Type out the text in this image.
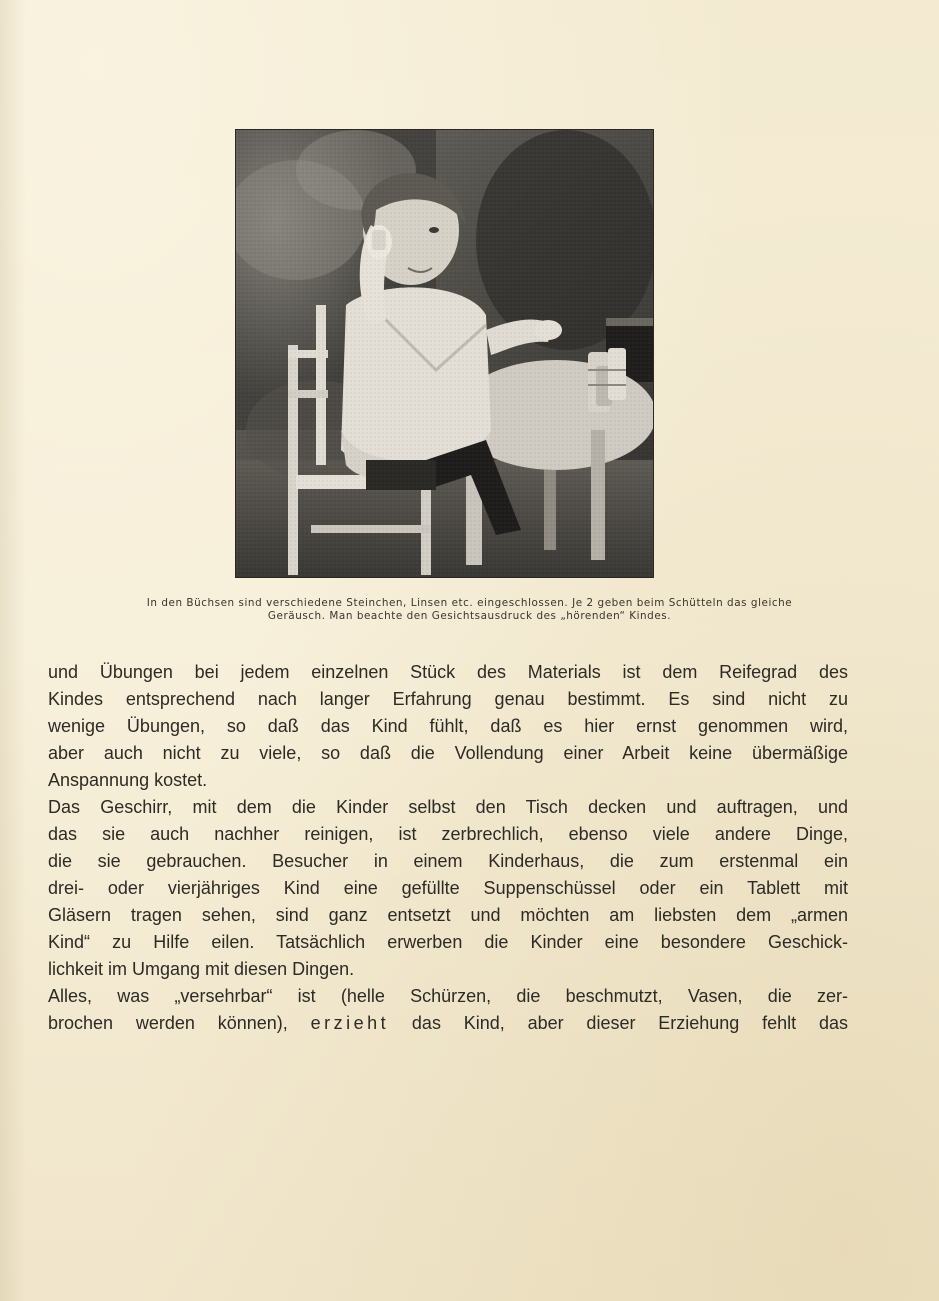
In den Büchsen sind verschiedene Steinchen, Linsen etc. eingeschlossen. Je 2 geben beim Schütteln das gleiche
Geräusch. Man beachte den Gesichtsausdruck des „hörenden“ Kindes.
und Übungen bei jedem einzelnen Stück des Materials ist dem Reifegrad des
Kindes entsprechend nach langer Erfahrung genau bestimmt. Es sind nicht zu
wenige Übungen, so daß das Kind fühlt, daß es hier ernst genommen wird,
aber auch nicht zu viele, so daß die Vollendung einer Arbeit keine übermäßige
Anspannung kostet.
Das Geschirr, mit dem die Kinder selbst den Tisch decken und auftragen, und
das sie auch nachher reinigen, ist zerbrechlich, ebenso viele andere Dinge,
die sie gebrauchen. Besucher in einem Kinderhaus, die zum erstenmal ein
drei- oder vierjähriges Kind eine gefüllte Suppenschüssel oder ein Tablett mit
Gläsern tragen sehen, sind ganz entsetzt und möchten am liebsten dem „armen
Kind“ zu Hilfe eilen. Tatsächlich erwerben die Kinder eine besondere Geschick-
lichkeit im Umgang mit diesen Dingen.
Alles, was „versehrbar“ ist (helle Schürzen, die beschmutzt, Vasen, die zer-
brochen werden können), erzieht das Kind, aber dieser Erziehung fehlt das
